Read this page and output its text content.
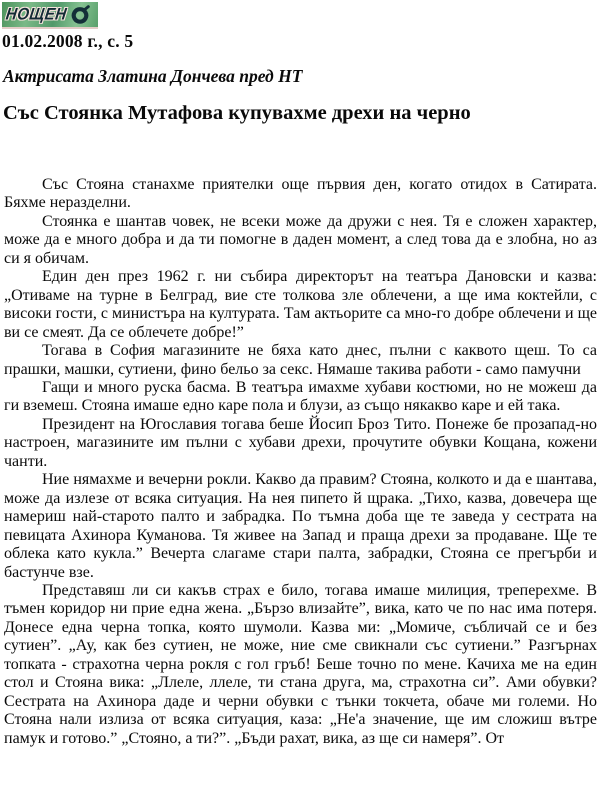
НОЩЕН
01.02.2008 г., с. 5
Актрисата Златина Дончева пред НТ
Със Стоянка Мутафова купувахме дрехи на черно

Със Стояна станахме приятелки още първия ден, когато отидох в Сатирата. Бяхме неразделни.

Стоянка е шантав човек, не всеки може да дружи с нея. Тя е сложен характер, може да е много добра и да ти помогне в даден момент, а след това да е злобна, но аз си я обичам.

Един ден през 1962 г. ни събира директорът на театъра Дановски и казва: „Отиваме на турне в Белград, вие сте толкова зле облечени, а ще има коктейли, с високи гости, с министъра на културата. Там актьорите са мно-го добре облечени и ще ви се смеят. Да се облечете добре!”

Тогава в София магазините не бяха като днес, пълни с каквото щеш. То са прашки, машки, сутиени, фино бельо за секс. Нямаше такива работи - само памучни

Гащи и много руска басма. В театъра имахме хубави костюми, но не можеш да ги вземеш. Стояна имаше едно каре пола и блузи, аз също някакво каре и ей така.

Президент на Югославия тогава беше Йосип Броз Тито. Понеже бе прозапад-но настроен, магазините им пълни с хубави дрехи, прочутите обувки Кощана, кожени чанти.

Ние нямахме и вечерни рокли. Какво да правим? Стояна, колкото и да е шантава, може да излезе от всяка ситуация. На нея пипето й щрака. „Тихо, казва, довечера ще намериш най-старото палто и забрадка. По тъмна доба ще те заведа у сестрата на певицата Ахинора Куманова. Тя живее на Запад и праща дрехи за продаване. Ще те облека като кукла.” Вечерта слагаме стари палта, забрадки, Стояна се прегърби и бастунче взе.

Представяш ли си какъв страх е било, тогава имаше милиция, треперехме. В тъмен коридор ни прие една жена. „Бързо влизайте”, вика, като че по нас има потеря. Донесе една черна топка, която шумоли. Казва ми: „Момиче, събличай се и без сутиен”. „Ау, как без сутиен, не може, ние сме свикнали със сутиени.” Разгърнах топката - страхотна черна рокля с гол гръб! Беше точно по мене. Качиха ме на един стол и Стояна вика: „Ллеле, ллеле, ти стана друга, ма, страхотна си”. Ами обувки? Сестрата на Ахинора даде и черни обувки с тънки токчета, обаче ми големи. Но Стояна нали излиза от всяка ситуация, каза: „Не'а значение, ще им сложиш вътре памук и готово.” „Стояно, а ти?”. „Бъди рахат, вика, аз ще си намеря”. От
